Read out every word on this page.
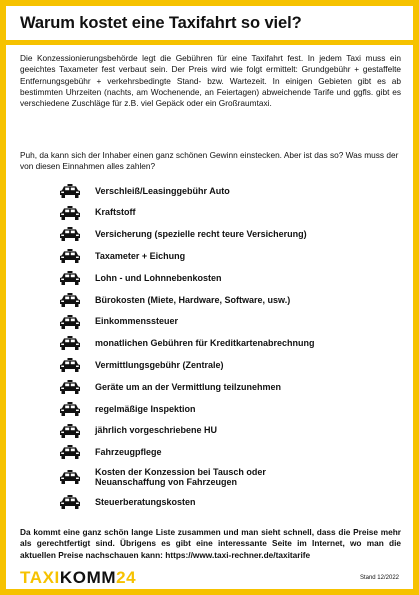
Warum kostet eine Taxifahrt so viel?

Die Konzessionierungsbehörde legt die Gebühren für eine Taxifahrt fest. In jedem Taxi muss ein geeichtes Taxameter fest verbaut sein. Der Preis wird wie folgt ermittelt: Grundgebühr + gestaffelte Entfernungsgebühr + verkehrsbedingte Stand- bzw. Wartezeit. In einigen Gebieten gibt es ab bestimmten Uhrzeiten (nachts, am Wochenende, an Feiertagen) abweichende Tarife und ggfls. gibt es verschiedene Zuschläge für z.B. viel Gepäck oder ein Großraumtaxi.

Puh, da kann sich der Inhaber einen ganz schönen Gewinn einstecken. Aber ist das so? Was muss der von diesen Einnahmen alles zahlen?

Verschleiß/Leasinggebühr Auto
Kraftstoff
Versicherung (spezielle recht teure Versicherung)
Taxameter + Eichung
Lohn - und Lohnnebenkosten
Bürokosten (Miete, Hardware, Software, usw.)
Einkommenssteuer
monatlichen Gebühren für Kreditkartenabrechnung
Vermittlungsgebühr (Zentrale)
Geräte um an der Vermittlung teilzunehmen
regelmäßige Inspektion
jährlich vorgeschriebene HU
Fahrzeugpflege
Kosten der Konzession bei Tausch oder Neuanschaffung von Fahrzeugen
Steuerberatungskosten

Da kommt eine ganz schön lange Liste zusammen und man sieht schnell, dass die Preise mehr als gerechtfertigt sind. Übrigens es gibt eine interessante Seite im Internet, wo man die aktuellen Preise nachschauen kann: https://www.taxi-rechner.de/taxitarife

TAXIKOMM24	Stand 12/2022
